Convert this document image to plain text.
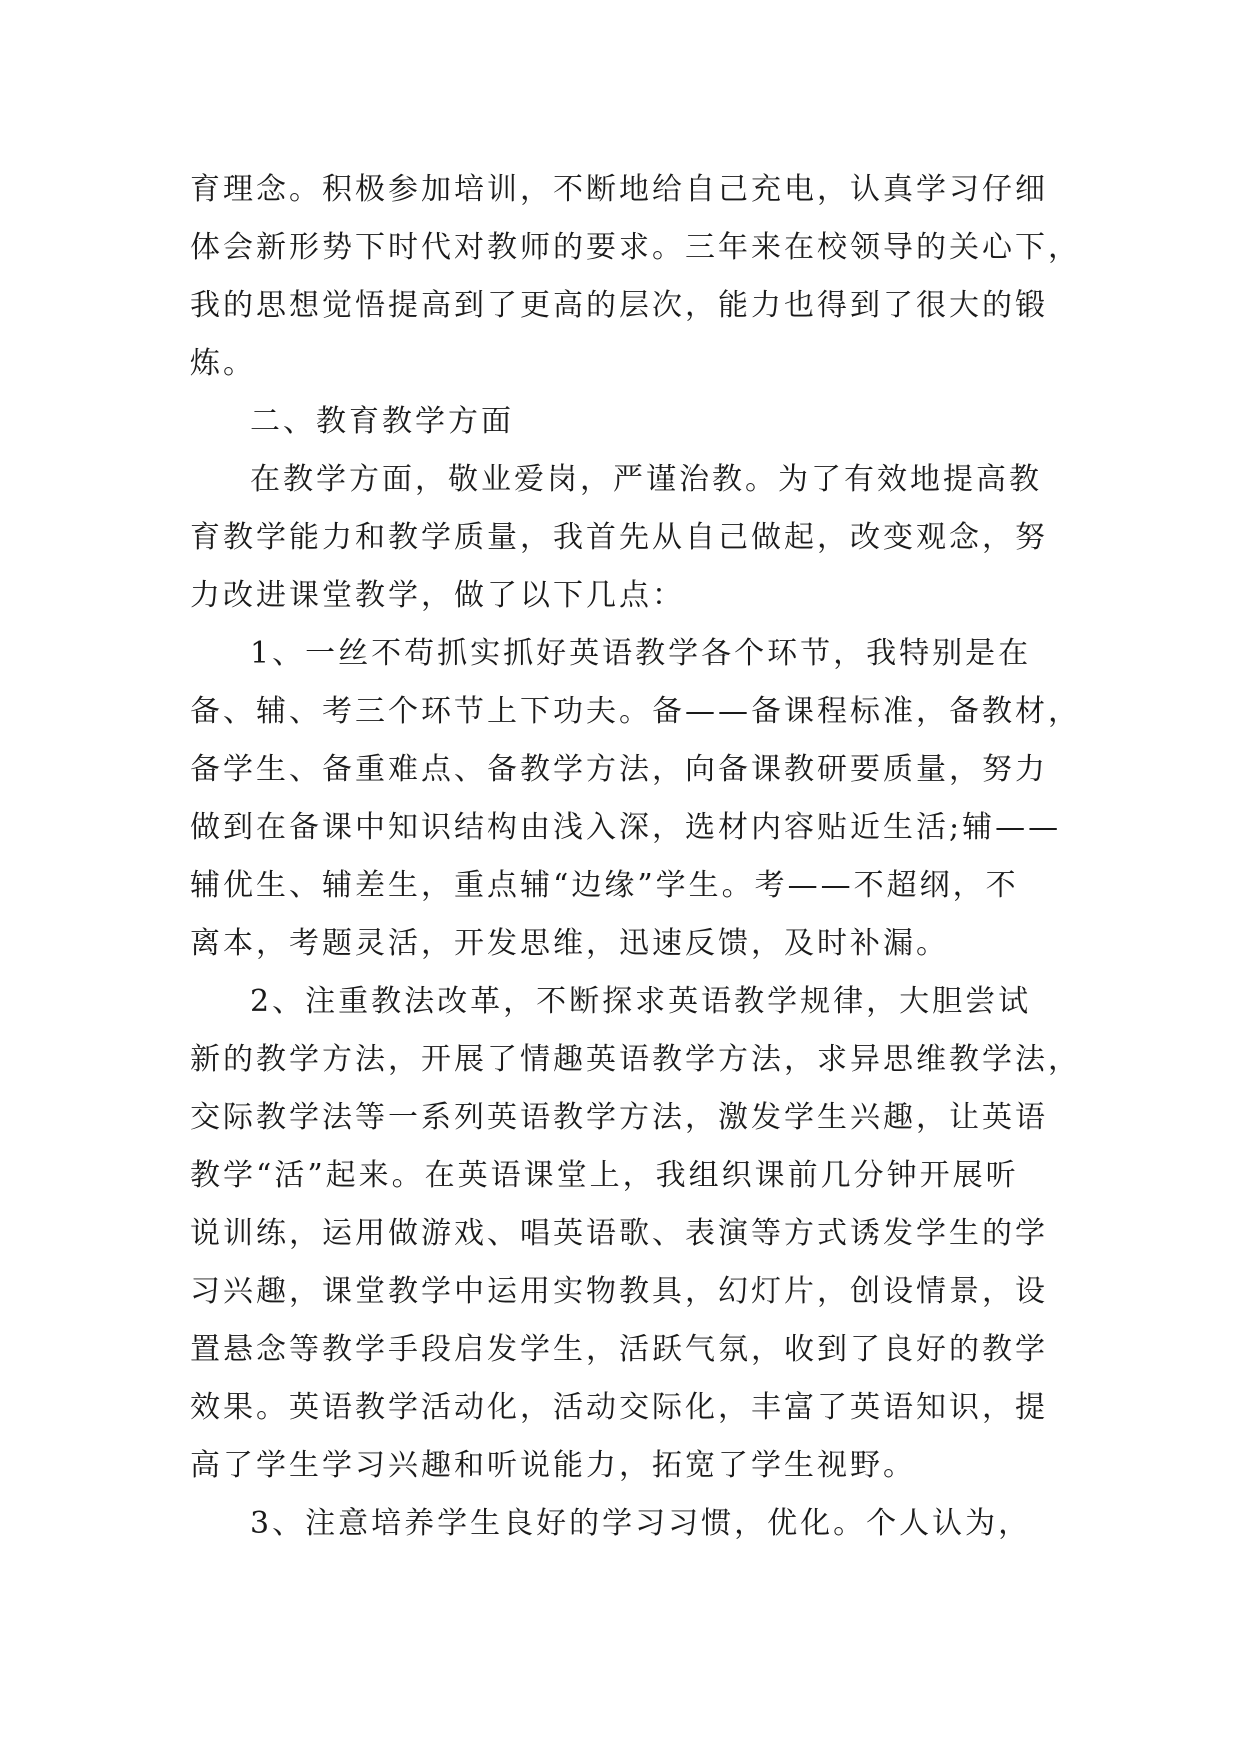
育理念。积极参加培训，不断地给自己充电，认真学习仔细
体会新形势下时代对教师的要求。三年来在校领导的关心下，
我的思想觉悟提高到了更高的层次，能力也得到了很大的锻
炼。
二、教育教学方面
在教学方面，敬业爱岗，严谨治教。为了有效地提高教
育教学能力和教学质量，我首先从自己做起，改变观念，努
力改进课堂教学，做了以下几点：
1、一丝不苟抓实抓好英语教学各个环节，我特别是在
备、辅、考三个环节上下功夫。备——备课程标准，备教材，
备学生、备重难点、备教学方法，向备课教研要质量，努力
做到在备课中知识结构由浅入深，选材内容贴近生活;辅——
辅优生、辅差生，重点辅“边缘”学生。考——不超纲，不
离本，考题灵活，开发思维，迅速反馈，及时补漏。
2、注重教法改革，不断探求英语教学规律，大胆尝试
新的教学方法，开展了情趣英语教学方法，求异思维教学法，
交际教学法等一系列英语教学方法，激发学生兴趣，让英语
教学“活”起来。在英语课堂上，我组织课前几分钟开展听
说训练，运用做游戏、唱英语歌、表演等方式诱发学生的学
习兴趣，课堂教学中运用实物教具，幻灯片，创设情景，设
置悬念等教学手段启发学生，活跃气氛，收到了良好的教学
效果。英语教学活动化，活动交际化，丰富了英语知识，提
高了学生学习兴趣和听说能力，拓宽了学生视野。
3、注意培养学生良好的学习习惯，优化。个人认为，
